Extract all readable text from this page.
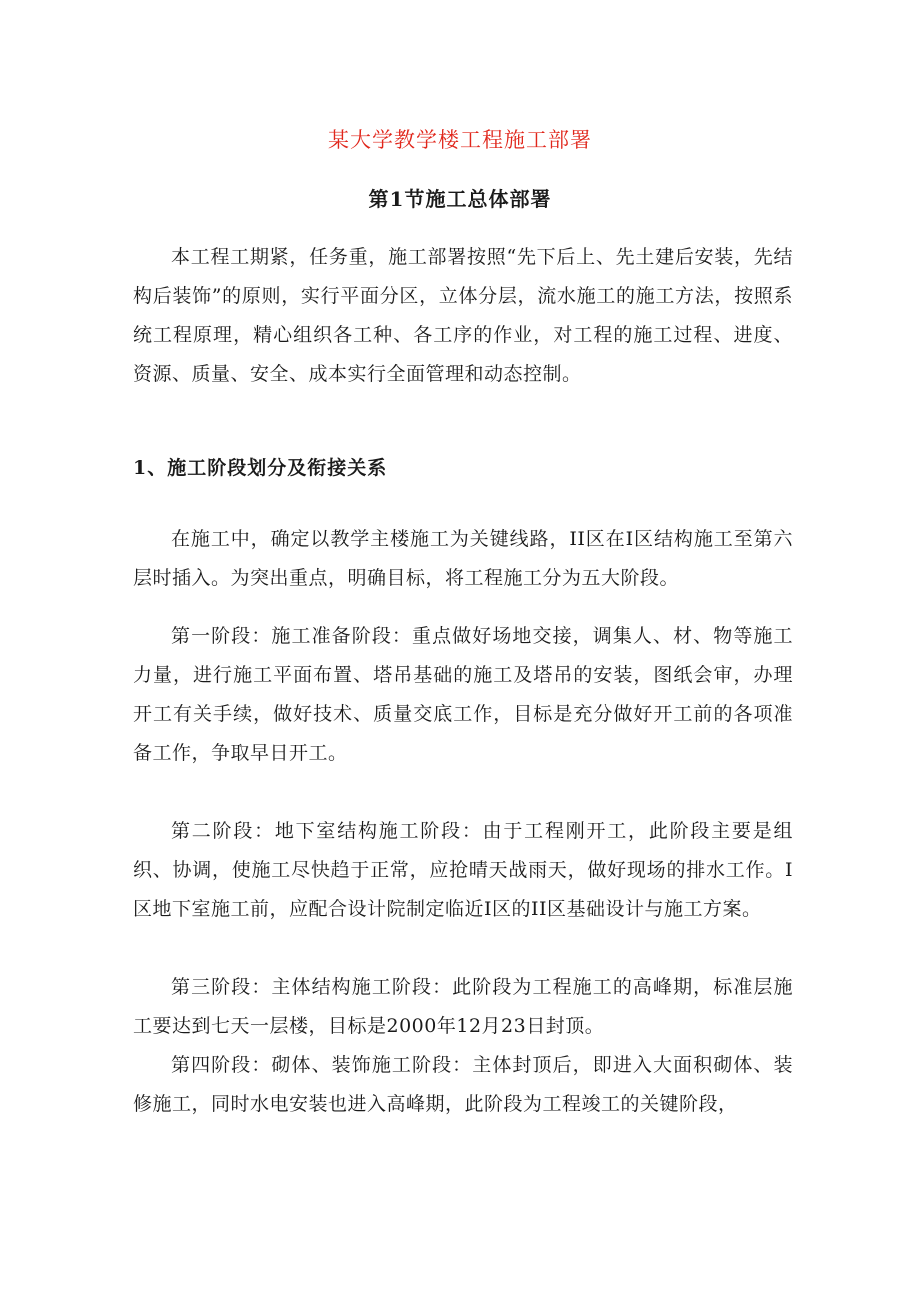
某大学教学楼工程施工部署
第1节施工总体部署

本工程工期紧，任务重，施工部署按照“先下后上、先土建后安装，先结构后装饰”的原则，实行平面分区，立体分层，流水施工的施工方法，按照系统工程原理，精心组织各工种、各工序的作业，对工程的施工过程、进度、资源、质量、安全、成本实行全面管理和动态控制。

1、施工阶段划分及衔接关系

在施工中，确定以教学主楼施工为关键线路，II区在Ⅰ区结构施工至第六层时插入。为突出重点，明确目标，将工程施工分为五大阶段。

第一阶段：施工准备阶段：重点做好场地交接，调集人、材、物等施工力量，进行施工平面布置、塔吊基础的施工及塔吊的安装，图纸会审，办理开工有关手续，做好技术、质量交底工作，目标是充分做好开工前的各项准备工作，争取早日开工。

第二阶段：地下室结构施工阶段：由于工程刚开工，此阶段主要是组织、协调，使施工尽快趋于正常，应抢晴天战雨天，做好现场的排水工作。Ⅰ区地下室施工前，应配合设计院制定临近Ⅰ区的II区基础设计与施工方案。

第三阶段：主体结构施工阶段：此阶段为工程施工的高峰期，标准层施工要达到七天一层楼，目标是2000年12月23日封顶。

第四阶段：砌体、装饰施工阶段：主体封顶后，即进入大面积砌体、装修施工，同时水电安装也进入高峰期，此阶段为工程竣工的关键阶段，
